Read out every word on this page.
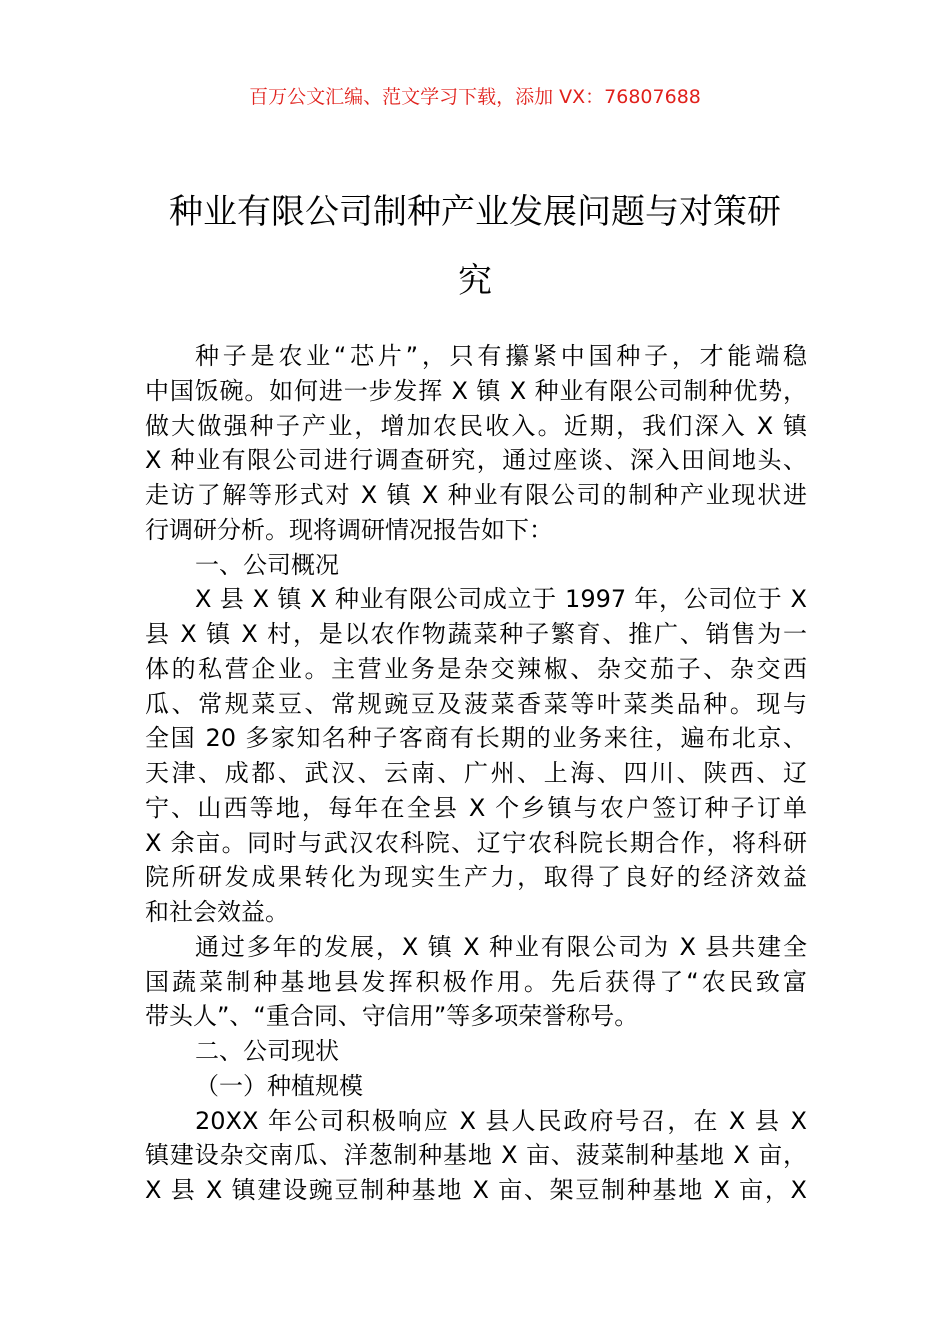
百万公文汇编、范文学习下载，添加 VX：76807688
种业有限公司制种产业发展问题与对策研
究
种子是农业“芯片”，只有攥紧中国种子，才能端稳
中国饭碗。如何进一步发挥 X 镇 X 种业有限公司制种优势，
做大做强种子产业，增加农民收入。近期，我们深入 X 镇
X 种业有限公司进行调查研究，通过座谈、深入田间地头、
走访了解等形式对 X 镇 X 种业有限公司的制种产业现状进
行调研分析。现将调研情况报告如下：
一、公司概况
X 县 X 镇 X 种业有限公司成立于 1997 年，公司位于 X
县 X 镇 X 村，是以农作物蔬菜种子繁育、推广、销售为一
体的私营企业。主营业务是杂交辣椒、杂交茄子、杂交西
瓜、常规菜豆、常规豌豆及菠菜香菜等叶菜类品种。现与
全国 20 多家知名种子客商有长期的业务来往，遍布北京、
天津、成都、武汉、云南、广州、上海、四川、陕西、辽
宁、山西等地，每年在全县 X 个乡镇与农户签订种子订单
X 余亩。同时与武汉农科院、辽宁农科院长期合作，将科研
院所研发成果转化为现实生产力，取得了良好的经济效益
和社会效益。
通过多年的发展，X 镇 X 种业有限公司为 X 县共建全
国蔬菜制种基地县发挥积极作用。先后获得了“农民致富
带头人”、“重合同、守信用”等多项荣誉称号。
二、公司现状
（一）种植规模
20XX 年公司积极响应 X 县人民政府号召，在 X 县 X
镇建设杂交南瓜、洋葱制种基地 X 亩、菠菜制种基地 X 亩，
X 县 X 镇建设豌豆制种基地 X 亩、架豆制种基地 X 亩，X
